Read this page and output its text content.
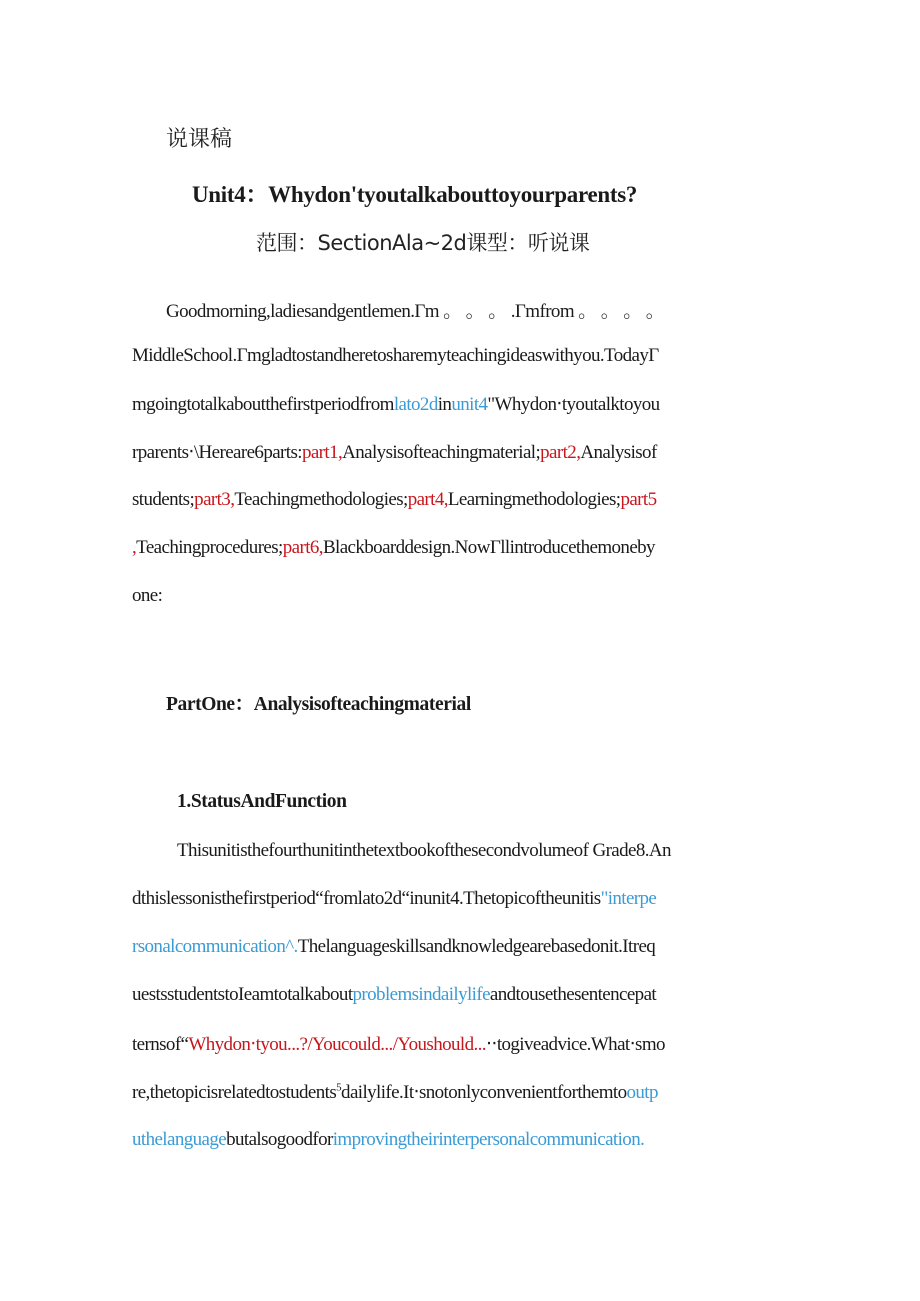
说课稿
Unit4：Whydon'tyoutalkabouttoyourparents?
范围：SectionAla~2d课型：听说课
Goodmorning,ladiesandgentlemen.Γm 。 。 。 .Γmfrom 。 。 。 。
MiddleSchool.Γmgladtostandheretosharemyteachingideaswithyou.TodayΓ
mgoingtotalkaboutthefirstperiodfromlato2dinunit4"Whydon‧tyoutalktoyou
rparents‧\Hereare6parts:part1,Analysisofteachingmaterial;part2,Analysisof
students;part3,Teachingmethodologies;part4,Learningmethodologies;part5
,Teachingprocedures;part6,Blackboarddesign.NowΓllintroducethemoneby
one:
PartOne：Analysisofteachingmaterial
1.StatusAndFunction
Thisunitisthefourthunitinthetextbookofthesecondvolumeof Grade8.An
dthislessonisthefirstperiod“fromlato2d“inunit4.Thetopicoftheunitis"interpe
rsonalcommunication^.Thelanguageskillsandknowledgearebasedonit.Itreq
uestsstudentstoIeamtotalkaboutproblemsindailylifeandtousethesentencepat
ternsof“Whydon‧tyou...?/Youcould.../Youshould...‧‧togiveadvice.What‧smo
re,thetopicisrelatedtostudents$^5$dailylife.It‧snotonlyconvenientforthemtooutp
uthelanguagebutalsogoodforimprovingtheirinterpersonalcommunication.
